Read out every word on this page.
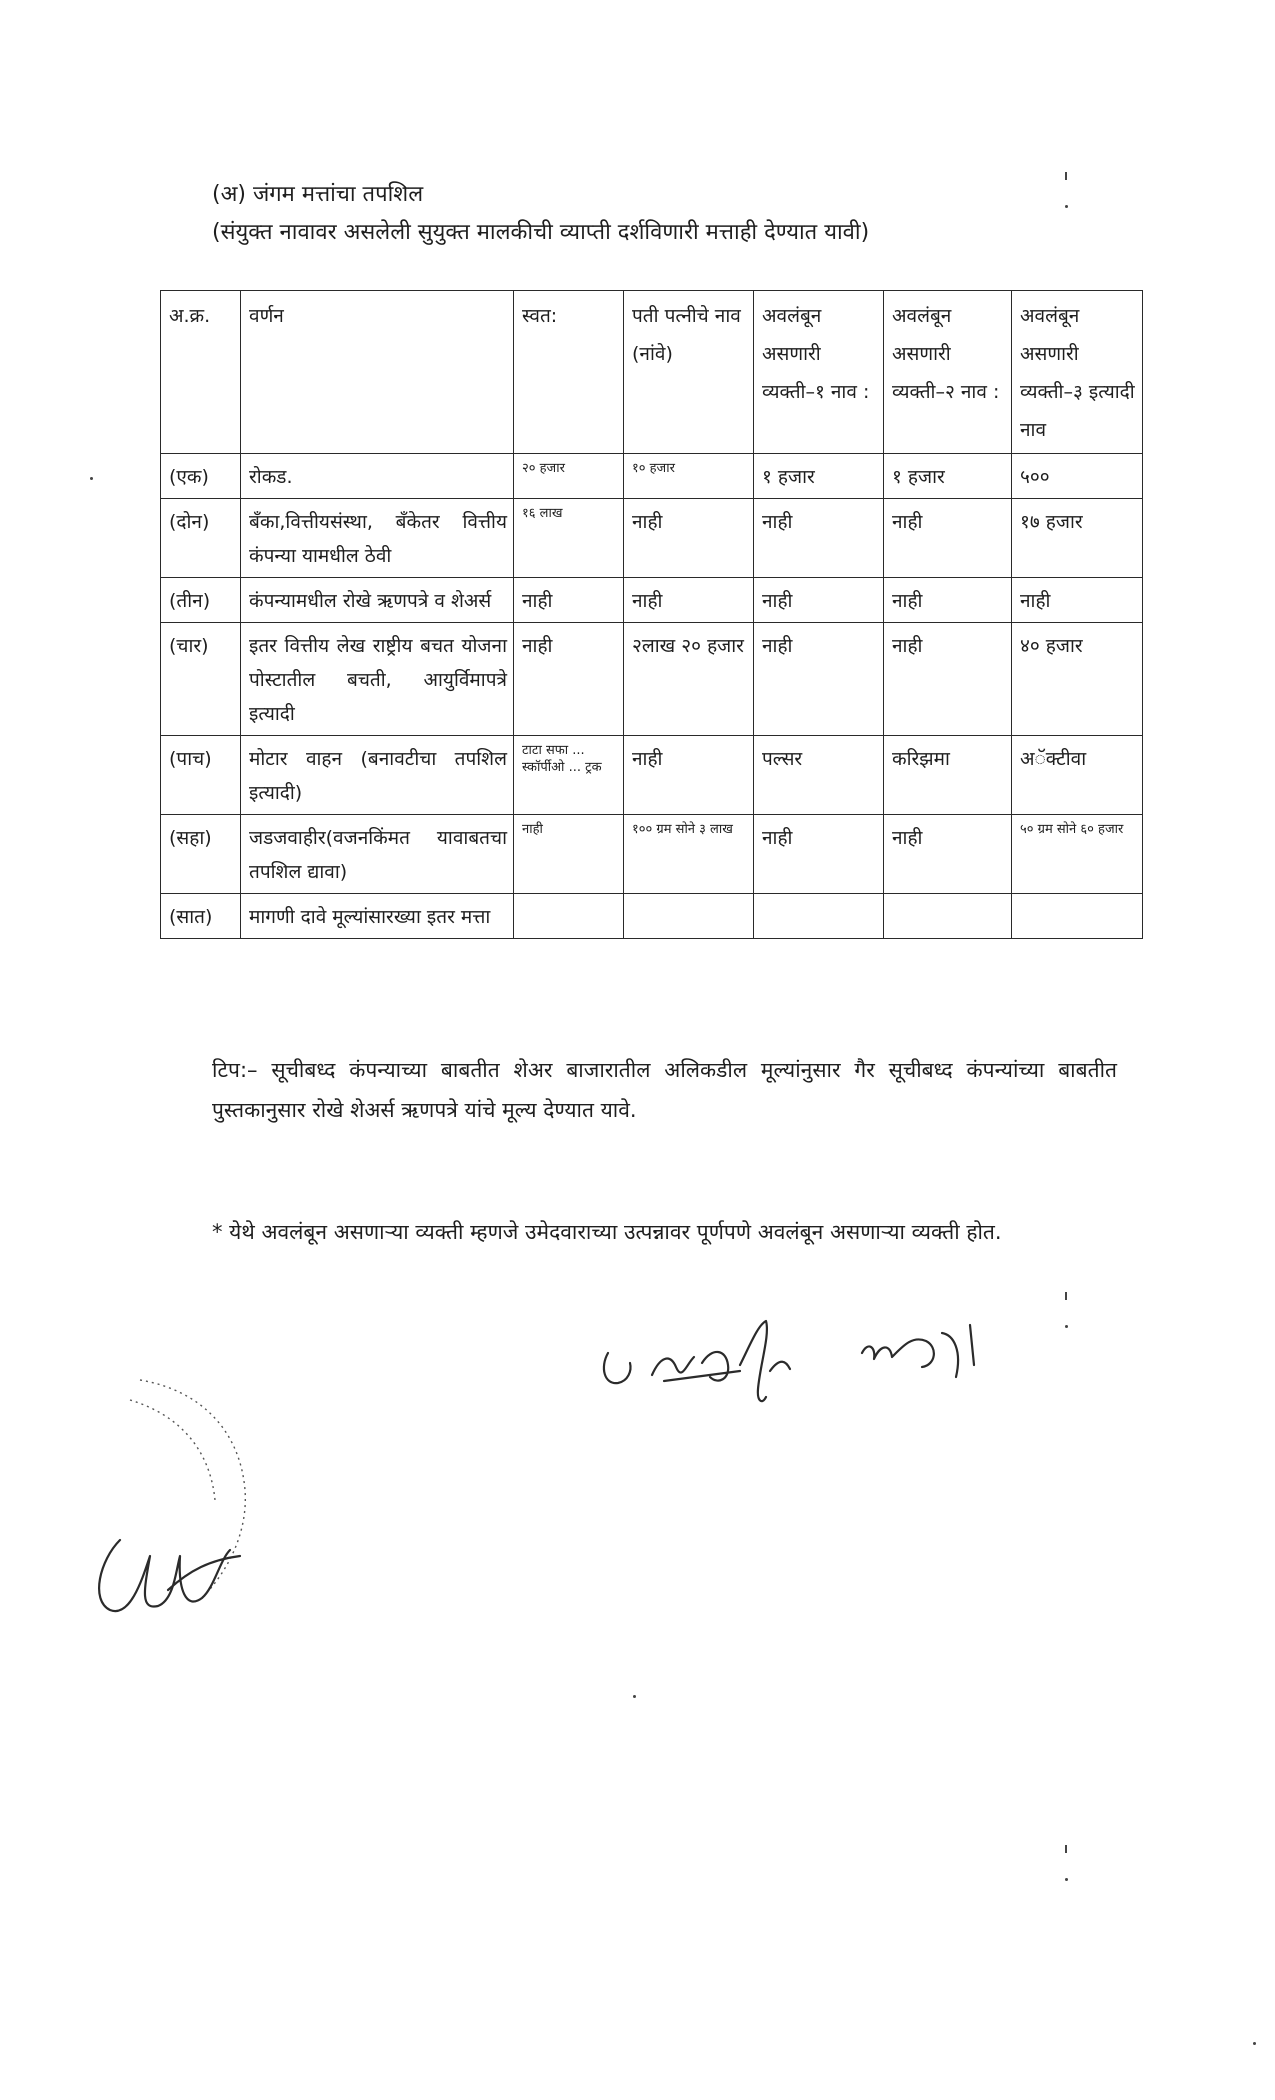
(अ) जंगम मत्तांचा तपशिल
(संयुक्त नावावर असलेली सुयुक्त मालकीची व्याप्ती दर्शविणारी मत्ताही देण्यात यावी)
अ.क्र.	वर्णन	स्वत:	पती पत्नीचे नाव (नांवे)	अवलंबून असणारी व्यक्ती–१ नाव :	अवलंबून असणारी व्यक्ती–२ नाव :	अवलंबून असणारी व्यक्ती–३ इत्यादी नाव
(एक)	रोकड.	२० हजार	१० हजार	१ हजार	१ हजार	५००
(दोन)	बँका,वित्तीयसंस्था, बँकेतर वित्तीय कंपन्या यामधील ठेवी	१६ लाख	नाही	नाही	नाही	१७ हजार
(तीन)	कंपन्यामधील रोखे ऋणपत्रे व शेअर्स	नाही	नाही	नाही	नाही	नाही
(चार)	इतर वित्तीय लेख राष्ट्रीय बचत योजना पोस्टातील बचती, आयुर्विमापत्रे इत्यादी	नाही	२लाख २० हजार	नाही	नाही	४० हजार
(पाच)	मोटार वाहन (बनावटीचा तपशिल इत्यादी)	टाटा सफा ... स्कॉर्पीओ ... ट्रक	नाही	पल्सर	करिझमा	अॅक्टीवा
(सहा)	जडजवाहीर(वजनकिंमत यावाबतचा तपशिल द्यावा)	नाही	१०० ग्रम सोने ३ लाख	नाही	नाही	५० ग्रम सोने ६० हजार
(सात)	मागणी दावे मूल्यांसारख्या इतर मत्ता					
टिप:– सूचीबध्द कंपन्याच्या बाबतीत शेअर बाजारातील अलिकडील मूल्यांनुसार गैर सूचीबध्द कंपन्यांच्या बाबतीत पुस्तकानुसार रोखे शेअर्स ऋणपत्रे यांचे मूल्य देण्यात यावे.
* येथे अवलंबून असणाऱ्या व्यक्ती म्हणजे उमेदवाराच्या उत्पन्नावर पूर्णपणे अवलंबून असणाऱ्या व्यक्ती होत.
